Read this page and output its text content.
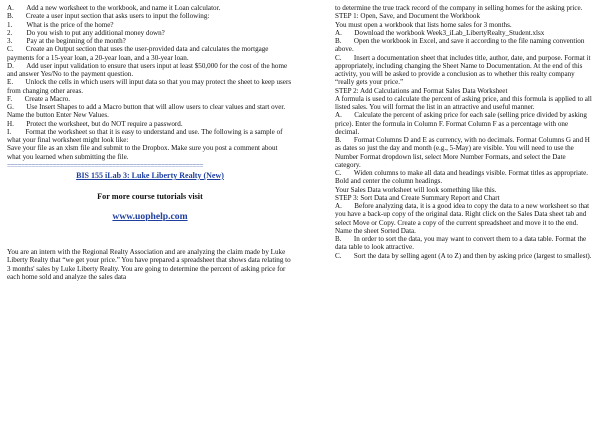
A.       Add a new worksheet to the workbook, and name it Loan calculator.

B.       Create a user input section that asks users to input the following:

1.        What is the price of the home?

2.        Do you wish to put any additional money down?

3.        Pay at the beginning of the month?

C.       Create an Output section that uses the user-provided data and calculates the mortgage payments for a 15-year loan, a 20-year loan, and a 30-year loan.

D.       Add user input validation to ensure that users input at least $50,000 for the cost of the home and answer Yes/No to the payment question.

E.       Unlock the cells in which users will input data so that you may protect the sheet to keep users from changing other areas.

F.       Create a Macro.

G.       Use Insert Shapes to add a Macro button that will allow users to clear values and start over. Name the button Enter New Values.

H.       Protect the worksheet, but do NOT require a password.

I.        Format the worksheet so that it is easy to understand and use. The following is a sample of what your final worksheet might look like:

Save your file as an xlsm file and submit to the Dropbox. Make sure you post a comment about what you learned when submitting the file.

========================================================
BIS 155 iLab 3: Luke Liberty Realty (New)
For more course tutorials visit
www.uophelp.com

You are an intern with the Regional Realty Association and are analyzing the claim made by Luke Liberty Realty that “we get your price.” You have prepared a spreadsheet that shows data relating to 3 months' sales by Luke Liberty Realty. You are going to determine the percent of asking price for each home sold and analyze the sales data

to determine the true track record of the company in selling homes for the asking price.

STEP 1: Open, Save, and Document the Workbook

You must open a workbook that lists home sales for 3 months.

A.       Download the workbook Week3_iLab_LibertyRealty_Student.xlsx

B.       Open the workbook in Excel, and save it according to the file naming convention above.

C.       Insert a documentation sheet that includes title, author, date, and purpose. Format it appropriately, including changing the Sheet Name to Documentation. At the end of this activity, you will be asked to provide a conclusion as to whether this realty company “really gets your price.”

STEP 2: Add Calculations and Format Sales Data Worksheet

A formula is used to calculate the percent of asking price, and this formula is applied to all listed sales. You will format the list in an attractive and useful manner.

A.       Calculate the percent of asking price for each sale (selling price divided by asking price). Enter the formula in Column F. Format Column F as a percentage with one decimal.

B.       Format Columns D and E as currency, with no decimals. Format Columns G and H as dates so just the day and month (e.g., 5-May) are visible. You will need to use the Number Format dropdown list, select More Number Formats, and select the Date category.

C.       Widen columns to make all data and headings visible. Format titles as appropriate. Bold and center the column headings.

Your Sales Data worksheet will look something like this.

STEP 3: Sort Data and Create Summary Report and Chart

A.       Before analyzing data, it is a good idea to copy the data to a new worksheet so that you have a back-up copy of the original data. Right click on the Sales Data sheet tab and select Move or Copy. Create a copy of the current spreadsheet and move it to the end. Name the sheet Sorted Data.

B.       In order to sort the data, you may want to convert them to a data table. Format the data table to look attractive.

C.       Sort the data by selling agent (A to Z) and then by asking price (largest to smallest).
